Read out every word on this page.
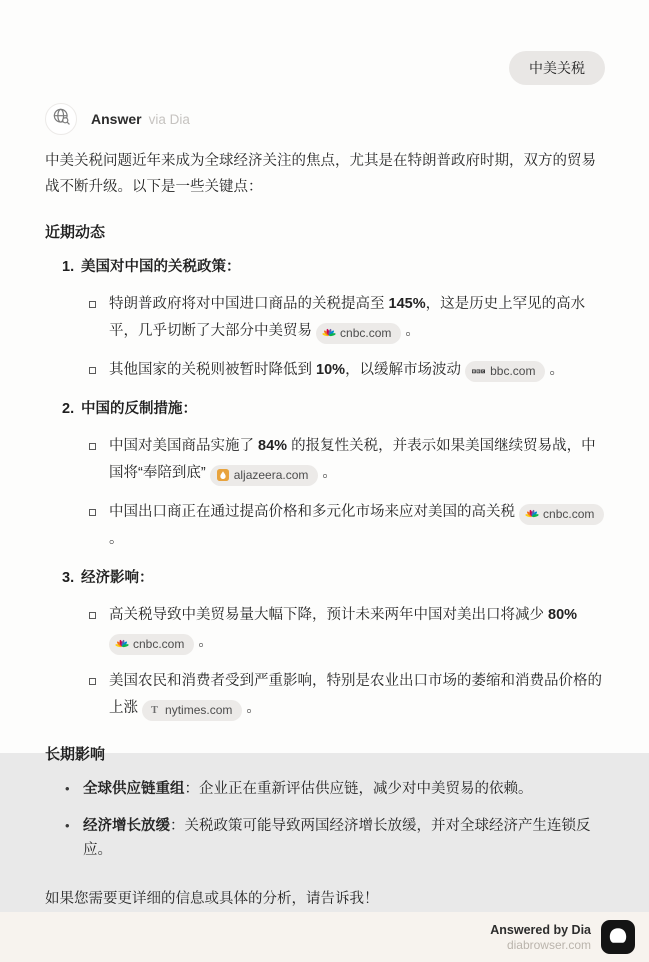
中美关税
Answer via Dia

中美关税问题近年来成为全球经济关注的焦点，尤其是在特朗普政府时期，双方的贸易战不断升级。以下是一些关键点：

近期动态
1. 美国对中国的关税政策：
特朗普政府将对中国进口商品的关税提高至 145%，这是历史上罕见的高水平，几乎切断了大部分中美贸易 cnbc.com 。
其他国家的关税则被暂时降低到 10%，以缓解市场波动 B B C bbc.com 。
2. 中国的反制措施：
中国对美国商品实施了 84% 的报复性关税，并表示如果美国继续贸易战，中国将“奉陪到底” aljazeera.com 。
中国出口商正在通过提高价格和多元化市场来应对美国的高关税 cnbc.com
。
3. 经济影响：
高关税导致中美贸易量大幅下降，预计未来两年中国对美出口将减少 80%
cnbc.com 。
美国农民和消费者受到严重影响，特别是农业出口市场的萎缩和消费品价格的上涨 T nytimes.com 。
长期影响
•
全球供应链重组：企业正在重新评估供应链，减少对中美贸易的依赖。
•
经济增长放缓：关税政策可能导致两国经济增长放缓，并对全球经济产生连锁反应。

如果您需要更详细的信息或具体的分析，请告诉我！

Answered by Dia
diabrowser.com
